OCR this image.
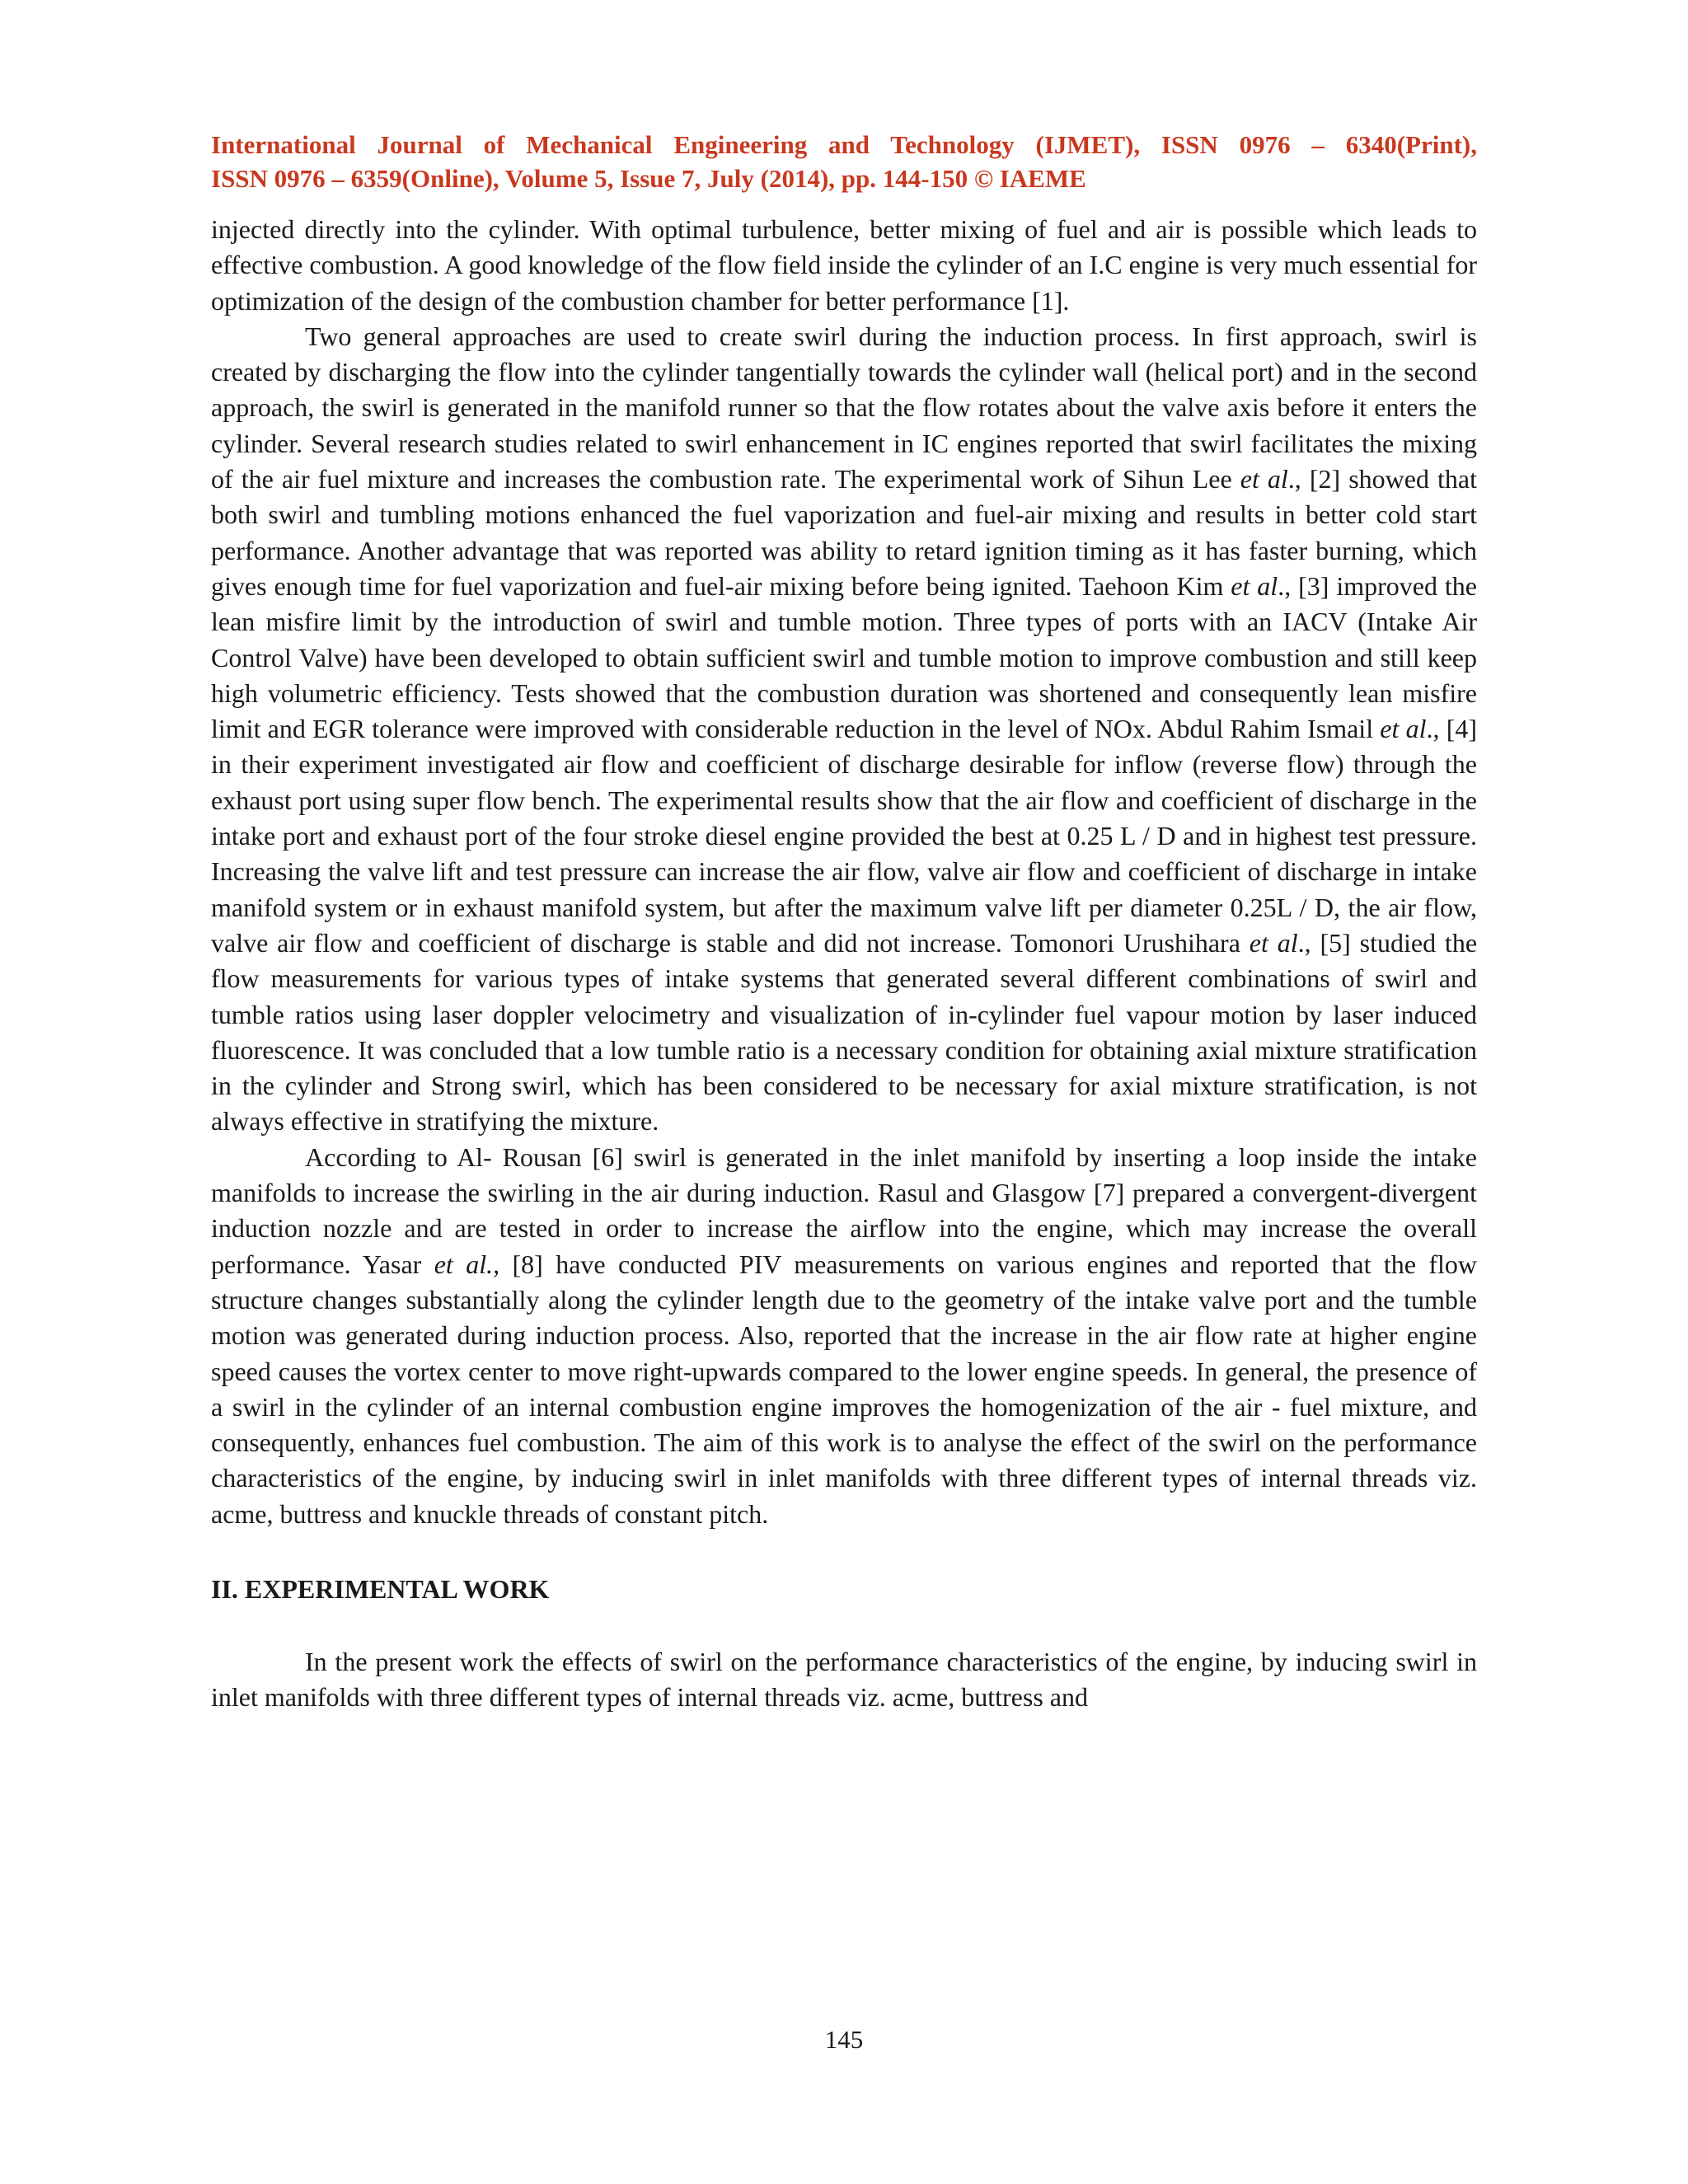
International Journal of Mechanical Engineering and Technology (IJMET), ISSN 0976 – 6340(Print),
ISSN 0976 – 6359(Online), Volume 5, Issue 7, July (2014), pp. 144-150 © IAEME

injected directly into the cylinder. With optimal turbulence, better mixing of fuel and air is possible which leads to effective combustion. A good knowledge of the flow field inside the cylinder of an I.C engine is very much essential for optimization of the design of the combustion chamber for better performance [1].

Two general approaches are used to create swirl during the induction process. In first approach, swirl is created by discharging the flow into the cylinder tangentially towards the cylinder wall (helical port) and in the second approach, the swirl is generated in the manifold runner so that the flow rotates about the valve axis before it enters the cylinder. Several research studies related to swirl enhancement in IC engines reported that swirl facilitates the mixing of the air fuel mixture and increases the combustion rate. The experimental work of Sihun Lee et al., [2] showed that both swirl and tumbling motions enhanced the fuel vaporization and fuel-air mixing and results in better cold start performance. Another advantage that was reported was ability to retard ignition timing as it has faster burning, which gives enough time for fuel vaporization and fuel-air mixing before being ignited. Taehoon Kim et al., [3] improved the lean misfire limit by the introduction of swirl and tumble motion. Three types of ports with an IACV (Intake Air Control Valve) have been developed to obtain sufficient swirl and tumble motion to improve combustion and still keep high volumetric efficiency. Tests showed that the combustion duration was shortened and consequently lean misfire limit and EGR tolerance were improved with considerable reduction in the level of NOx. Abdul Rahim Ismail et al., [4] in their experiment investigated air flow and coefficient of discharge desirable for inflow (reverse flow) through the exhaust port using super flow bench. The experimental results show that the air flow and coefficient of discharge in the intake port and exhaust port of the four stroke diesel engine provided the best at 0.25 L / D and in highest test pressure. Increasing the valve lift and test pressure can increase the air flow, valve air flow and coefficient of discharge in intake manifold system or in exhaust manifold system, but after the maximum valve lift per diameter 0.25L / D, the air flow, valve air flow and coefficient of discharge is stable and did not increase. Tomonori Urushihara et al., [5] studied the flow measurements for various types of intake systems that generated several different combinations of swirl and tumble ratios using laser doppler velocimetry and visualization of in-cylinder fuel vapour motion by laser induced fluorescence. It was concluded that a low tumble ratio is a necessary condition for obtaining axial mixture stratification in the cylinder and Strong swirl, which has been considered to be necessary for axial mixture stratification, is not always effective in stratifying the mixture.

According to Al- Rousan [6] swirl is generated in the inlet manifold by inserting a loop inside the intake manifolds to increase the swirling in the air during induction. Rasul and Glasgow [7] prepared a convergent-divergent induction nozzle and are tested in order to increase the airflow into the engine, which may increase the overall performance. Yasar et al., [8] have conducted PIV measurements on various engines and reported that the flow structure changes substantially along the cylinder length due to the geometry of the intake valve port and the tumble motion was generated during induction process. Also, reported that the increase in the air flow rate at higher engine speed causes the vortex center to move right-upwards compared to the lower engine speeds. In general, the presence of a swirl in the cylinder of an internal combustion engine improves the homogenization of the air - fuel mixture, and consequently, enhances fuel combustion. The aim of this work is to analyse the effect of the swirl on the performance characteristics of the engine, by inducing swirl in inlet manifolds with three different types of internal threads viz. acme, buttress and knuckle threads of constant pitch.

II. EXPERIMENTAL WORK

In the present work the effects of swirl on the performance characteristics of the engine, by inducing swirl in inlet manifolds with three different types of internal threads viz. acme, buttress and

145
